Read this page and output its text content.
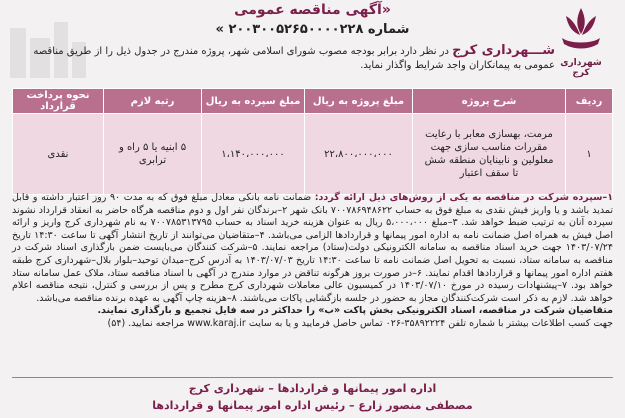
«آگهی مناقصه عمومی
شماره ۲۰۰۳۰۰۵۲۶۵۰۰۰۰۲۲۸ »
شهرداری کرج
شـــهرداری کرج در نظر دارد برابر بودجه مصوب شورای اسلامی شهر، پروژه مندرج در جدول ذیل را از طریق مناقصه عمومی به پیمانکاران واجد شرایط واگذار نماید.
ردیف	شرح پروژه	مبلغ پروژه به ریال	مبلغ سپرده به ریال	رتبه لازم	نحوه پرداخت قرارداد
۱	مرمت، بهسازی معابر با رعایت مقررات مناسب سازی جهت معلولین و نابینایان منطقه شش تا سقف اعتبار	۲۲،۸۰۰،۰۰۰،۰۰۰	۱،۱۴۰،۰۰۰،۰۰۰	۵ ابنیه یا ۵ راه و ترابری	نقدی
۱–سپرده شرکت در مناقصه به یکی از روش‌های ذیل ارائه گردد: ضمانت نامه بانکی معادل مبلغ فوق که به مدت ۹۰ روز اعتبار داشته و قابل تمدید باشد و یا واریز فیش نقدی به مبلغ فوق به حساب ۷۰۰۷۸۶۹۴۸۶۲۲ بانک شهر ۲–برندگان نفر اول و دوم مناقصه هرگاه حاضر به انعقاد قرارداد نشوند سپرده آنان به ترتیب ضبط خواهد شد. ۳–مبلغ ۵،۰۰۰،۰۰۰ ریال به عنوان هزینه خرید اسناد به حساب ۷۰۰۷۸۵۳۱۳۷۹۵ به نام شهرداری کرج واریز و ارائه اصل فیش به همراه اصل ضمانت نامه به اداره امور پیمانها و قراردادها الزامی می‌باشد. ۴–متقاضیان می‌توانند از تاریخ انتشار آگهی تا ساعت ۱۴:۳۰ تاریخ ۱۴۰۳/۰۷/۲۴ جهت خرید اسناد مناقصه به سامانه الکترونیکی دولت(ستاد) مراجعه نمایند. ۵–شرکت کنندگان می‌بایست ضمن بارگذاری اسناد شرکت در مناقصه به سامانه ستاد، نسبت به تحویل اصل ضمانت نامه تا ساعت ۱۴:۳۰ تاریخ ۱۴۰۳/۰۷/۰۳ به آدرس کرج–میدان توحید–بلوار بلال–شهرداری کرج طبقه هفتم اداره امور پیمانها و قراردادها اقدام نمایند. ۶–در صورت بروز هرگونه تناقض در موارد مندرج در آگهی با اسناد مناقصه ستاد، ملاک عمل سامانه ستاد خواهد بود. ۷–پیشنهادات رسیده در مورخ ۱۴۰۳/۰۷/۱۰ در کمیسیون عالی معاملات شهرداری کرج مطرح و پس از بررسی و کنترل، نتیجه مناقصه اعلام خواهد شد. لازم به ذکر است شرکت‌کنندگان مجاز به حضور در جلسه بازگشایی پاکات می‌باشند. ۸–هزینه چاپ آگهی به عهده برنده مناقصه می‌باشد.
متقاضیان شرکت در مناقصه، اسناد الکترونیکی بخش پاکت «ب» را حداکثر در سه فایل تجمیع و بارگذاری نمایند.
جهت کسب اطلاعات بیشتر با شماره تلفن ۳۵۸۹۲۲۲۴-۰۲۶ تماس حاصل فرمایید و یا به سایت www.karaj.ir مراجعه نمایید. (۵۴)
اداره امور پیمانها و قراردادها – شهرداری کرج
مصطفی منصور زارع – رئیس اداره امور پیمانها و قراردادها
